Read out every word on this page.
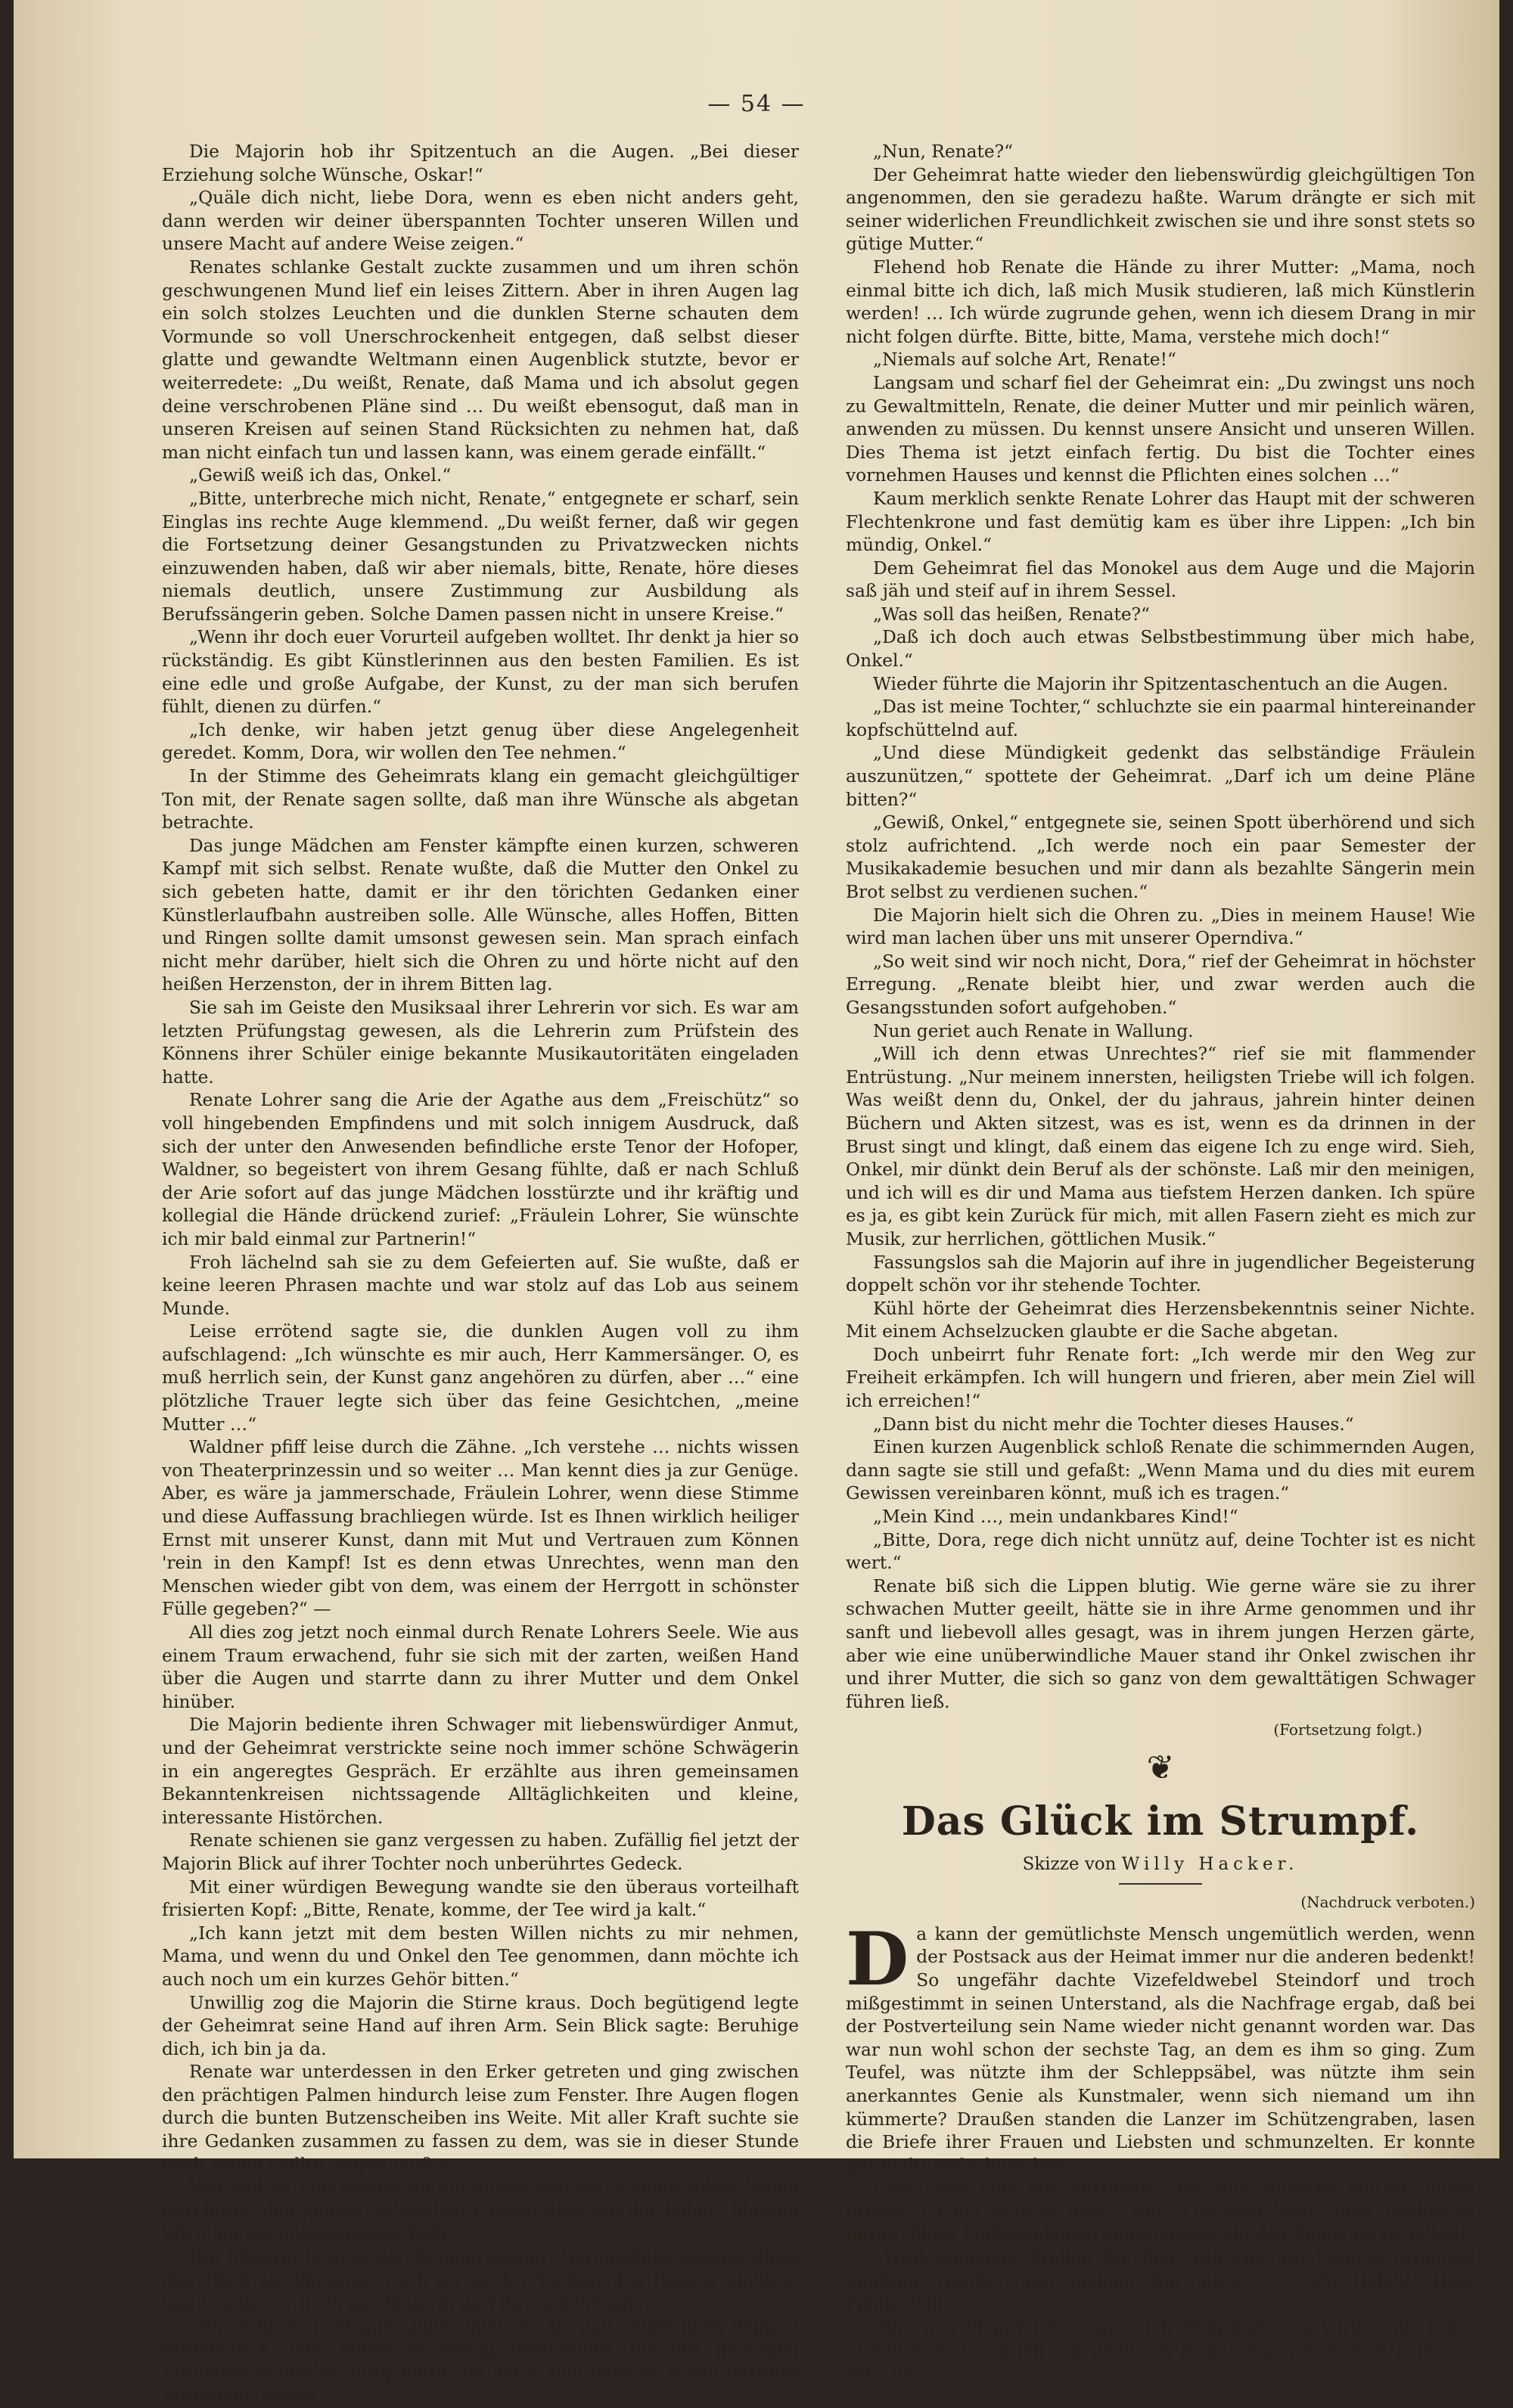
— 54 —

Die Majorin hob ihr Spitzentuch an die Augen. „Bei dieser Erziehung solche Wünsche, Oskar!“

„Quäle dich nicht, liebe Dora, wenn es eben nicht anders geht, dann werden wir deiner überspannten Tochter unseren Willen und unsere Macht auf andere Weise zeigen.“

Renates schlanke Gestalt zuckte zusammen und um ihren schön geschwungenen Mund lief ein leises Zittern. Aber in ihren Augen lag ein solch stolzes Leuchten und die dunklen Sterne schauten dem Vormunde so voll Unerschrockenheit entgegen, daß selbst dieser glatte und gewandte Weltmann einen Augenblick stutzte, bevor er weiterredete: „Du weißt, Renate, daß Mama und ich absolut gegen deine verschrobenen Pläne sind … Du weißt ebensogut, daß man in unseren Kreisen auf seinen Stand Rücksichten zu nehmen hat, daß man nicht einfach tun und lassen kann, was einem gerade einfällt.“

„Gewiß weiß ich das, Onkel.“

„Bitte, unterbreche mich nicht, Renate,“ entgegnete er scharf, sein Einglas ins rechte Auge klemmend. „Du weißt ferner, daß wir gegen die Fortsetzung deiner Gesangstunden zu Privatzwecken nichts einzuwenden haben, daß wir aber niemals, bitte, Renate, höre dieses niemals deutlich, unsere Zustimmung zur Ausbildung als Berufssängerin geben. Solche Damen passen nicht in unsere Kreise.“

„Wenn ihr doch euer Vorurteil aufgeben wolltet. Ihr denkt ja hier so rückständig. Es gibt Künstlerinnen aus den besten Familien. Es ist eine edle und große Aufgabe, der Kunst, zu der man sich berufen fühlt, dienen zu dürfen.“

„Ich denke, wir haben jetzt genug über diese Angelegenheit geredet. Komm, Dora, wir wollen den Tee nehmen.“

In der Stimme des Geheimrats klang ein gemacht gleichgültiger Ton mit, der Renate sagen sollte, daß man ihre Wünsche als abgetan betrachte.

Das junge Mädchen am Fenster kämpfte einen kurzen, schweren Kampf mit sich selbst. Renate wußte, daß die Mutter den Onkel zu sich gebeten hatte, damit er ihr den törichten Gedanken einer Künstlerlaufbahn austreiben solle. Alle Wünsche, alles Hoffen, Bitten und Ringen sollte damit umsonst gewesen sein. Man sprach einfach nicht mehr darüber, hielt sich die Ohren zu und hörte nicht auf den heißen Herzenston, der in ihrem Bitten lag.

Sie sah im Geiste den Musiksaal ihrer Lehrerin vor sich. Es war am letzten Prüfungstag gewesen, als die Lehrerin zum Prüfstein des Könnens ihrer Schüler einige bekannte Musikautoritäten eingeladen hatte.

Renate Lohrer sang die Arie der Agathe aus dem „Freischütz“ so voll hingebenden Empfindens und mit solch innigem Ausdruck, daß sich der unter den Anwesenden befindliche erste Tenor der Hofoper, Waldner, so begeistert von ihrem Gesang fühlte, daß er nach Schluß der Arie sofort auf das junge Mädchen losstürzte und ihr kräftig und kollegial die Hände drückend zurief: „Fräulein Lohrer, Sie wünschte ich mir bald einmal zur Partnerin!“

Froh lächelnd sah sie zu dem Gefeierten auf. Sie wußte, daß er keine leeren Phrasen machte und war stolz auf das Lob aus seinem Munde.

Leise errötend sagte sie, die dunklen Augen voll zu ihm aufschlagend: „Ich wünschte es mir auch, Herr Kammersänger. O, es muß herrlich sein, der Kunst ganz angehören zu dürfen, aber …“ eine plötzliche Trauer legte sich über das feine Gesichtchen, „meine Mutter …“

Waldner pfiff leise durch die Zähne. „Ich verstehe … nichts wissen von Theaterprinzessin und so weiter … Man kennt dies ja zur Genüge. Aber, es wäre ja jammerschade, Fräulein Lohrer, wenn diese Stimme und diese Auffassung brachliegen würde. Ist es Ihnen wirklich heiliger Ernst mit unserer Kunst, dann mit Mut und Vertrauen zum Können 'rein in den Kampf! Ist es denn etwas Unrechtes, wenn man den Menschen wieder gibt von dem, was einem der Herrgott in schönster Fülle gegeben?“ —

All dies zog jetzt noch einmal durch Renate Lohrers Seele. Wie aus einem Traum erwachend, fuhr sie sich mit der zarten, weißen Hand über die Augen und starrte dann zu ihrer Mutter und dem Onkel hinüber.

Die Majorin bediente ihren Schwager mit liebenswürdiger Anmut, und der Geheimrat verstrickte seine noch immer schöne Schwägerin in ein angeregtes Gespräch. Er erzählte aus ihren gemeinsamen Bekanntenkreisen nichtssagende Alltäglichkeiten und kleine, interessante Histörchen.

Renate schienen sie ganz vergessen zu haben. Zufällig fiel jetzt der Majorin Blick auf ihrer Tochter noch unberührtes Gedeck.

Mit einer würdigen Bewegung wandte sie den überaus vorteilhaft frisierten Kopf: „Bitte, Renate, komme, der Tee wird ja kalt.“

„Ich kann jetzt mit dem besten Willen nichts zu mir nehmen, Mama, und wenn du und Onkel den Tee genommen, dann möchte ich auch noch um ein kurzes Gehör bitten.“

Unwillig zog die Majorin die Stirne kraus. Doch begütigend legte der Geheimrat seine Hand auf ihren Arm. Sein Blick sagte: Beruhige dich, ich bin ja da.

Renate war unterdessen in den Erker getreten und ging zwischen den prächtigen Palmen hindurch leise zum Fenster. Ihre Augen flogen durch die bunten Butzenscheiben ins Weite. Mit aller Kraft suchte sie ihre Gedanken zusammen zu fassen zu dem, was sie in dieser Stunde noch sagen wollte, sagen mußte.

Von Zeit zu Zeit schloß sie die Augen und ein schmerzvolles Leben durchrann den jungen, schlanken Körper. Aber auf der hohen, blassen Stirn lag ein unbeugsamer Wille.

Die Majorin läutete der Zimmerjungfer. Geräuschlos räumte diese den Tisch ab. Verstohlen sah sie zu der Tochter des Hauses hinüber, und von dieser nach der Majorin und ihrem Schwager.

„Da steht es nicht gut,“ philosophierte sie und empfand es doppelt schmerzlich, daß Marie so wenig Verständnis für des gnädigen Fräuleins Wünsche übrig hatte. Es hätte sich jetzt so schön darüber schwatzen lassen.

„Nun, Renate?“

Der Geheimrat hatte wieder den liebenswürdig gleichgültigen Ton angenommen, den sie geradezu haßte. Warum drängte er sich mit seiner widerlichen Freundlichkeit zwischen sie und ihre sonst stets so gütige Mutter.“

Flehend hob Renate die Hände zu ihrer Mutter: „Mama, noch einmal bitte ich dich, laß mich Musik studieren, laß mich Künstlerin werden! … Ich würde zugrunde gehen, wenn ich diesem Drang in mir nicht folgen dürfte. Bitte, bitte, Mama, verstehe mich doch!“

„Niemals auf solche Art, Renate!“

Langsam und scharf fiel der Geheimrat ein: „Du zwingst uns noch zu Gewaltmitteln, Renate, die deiner Mutter und mir peinlich wären, anwenden zu müssen. Du kennst unsere Ansicht und unseren Willen. Dies Thema ist jetzt einfach fertig. Du bist die Tochter eines vornehmen Hauses und kennst die Pflichten eines solchen …“

Kaum merklich senkte Renate Lohrer das Haupt mit der schweren Flechtenkrone und fast demütig kam es über ihre Lippen: „Ich bin mündig, Onkel.“

Dem Geheimrat fiel das Monokel aus dem Auge und die Majorin saß jäh und steif auf in ihrem Sessel.

„Was soll das heißen, Renate?“

„Daß ich doch auch etwas Selbstbestimmung über mich habe, Onkel.“

Wieder führte die Majorin ihr Spitzentaschentuch an die Augen.

„Das ist meine Tochter,“ schluchzte sie ein paarmal hintereinander kopfschüttelnd auf.

„Und diese Mündigkeit gedenkt das selbständige Fräulein auszunützen,“ spottete der Geheimrat. „Darf ich um deine Pläne bitten?“

„Gewiß, Onkel,“ entgegnete sie, seinen Spott überhörend und sich stolz aufrichtend. „Ich werde noch ein paar Semester der Musikakademie besuchen und mir dann als bezahlte Sängerin mein Brot selbst zu verdienen suchen.“

Die Majorin hielt sich die Ohren zu. „Dies in meinem Hause! Wie wird man lachen über uns mit unserer Operndiva.“

„So weit sind wir noch nicht, Dora,“ rief der Geheimrat in höchster Erregung. „Renate bleibt hier, und zwar werden auch die Gesangsstunden sofort aufgehoben.“

Nun geriet auch Renate in Wallung.

„Will ich denn etwas Unrechtes?“ rief sie mit flammender Entrüstung. „Nur meinem innersten, heiligsten Triebe will ich folgen. Was weißt denn du, Onkel, der du jahraus, jahrein hinter deinen Büchern und Akten sitzest, was es ist, wenn es da drinnen in der Brust singt und klingt, daß einem das eigene Ich zu enge wird. Sieh, Onkel, mir dünkt dein Beruf als der schönste. Laß mir den meinigen, und ich will es dir und Mama aus tiefstem Herzen danken. Ich spüre es ja, es gibt kein Zurück für mich, mit allen Fasern zieht es mich zur Musik, zur herrlichen, göttlichen Musik.“

Fassungslos sah die Majorin auf ihre in jugendlicher Begeisterung doppelt schön vor ihr stehende Tochter.

Kühl hörte der Geheimrat dies Herzensbekenntnis seiner Nichte. Mit einem Achselzucken glaubte er die Sache abgetan.

Doch unbeirrt fuhr Renate fort: „Ich werde mir den Weg zur Freiheit erkämpfen. Ich will hungern und frieren, aber mein Ziel will ich erreichen!“

„Dann bist du nicht mehr die Tochter dieses Hauses.“

Einen kurzen Augenblick schloß Renate die schimmernden Augen, dann sagte sie still und gefaßt: „Wenn Mama und du dies mit eurem Gewissen vereinbaren könnt, muß ich es tragen.“

„Mein Kind …, mein undankbares Kind!“

„Bitte, Dora, rege dich nicht unnütz auf, deine Tochter ist es nicht wert.“

Renate biß sich die Lippen blutig. Wie gerne wäre sie zu ihrer schwachen Mutter geeilt, hätte sie in ihre Arme genommen und ihr sanft und liebevoll alles gesagt, was in ihrem jungen Herzen gärte, aber wie eine unüberwindliche Mauer stand ihr Onkel zwischen ihr und ihrer Mutter, die sich so ganz von dem gewalttätigen Schwager führen ließ.

(Fortsetzung folgt.)
❦
Das Glück im Strumpf.
Skizze von Willy Hacker.
(Nachdruck verboten.)

Da kann der gemütlichste Mensch ungemütlich werden, wenn der Postsack aus der Heimat immer nur die anderen bedenkt! So ungefähr dachte Vizefeldwebel Steindorf und troch mißgestimmt in seinen Unterstand, als die Nachfrage ergab, daß bei der Postverteilung sein Name wieder nicht genannt worden war. Das war nun wohl schon der sechste Tag, an dem es ihm so ging. Zum Teufel, was nützte ihm der Schleppsäbel, was nützte ihm sein anerkanntes Genie als Kunstmaler, wenn sich niemand um ihn kümmerte? Draußen standen die Lanzer im Schützengraben, lasen die Briefe ihrer Frauen und Liebsten und schmunzelten. Er konnte gar nicht mehr hinsehen.

Sein Groll war fast verraucht, als sein Bursche eintrat, einen großen Karton unterm Arm. „Herr Leutnant läßt Herrn Feldwebel bitten, diese Liebesgabenstrümpfe innerhalb des Zuges zu verteilen!“ — „Wird gemacht. Stellen Sie fest, wie viel pro Gruppe dringend benötigt werden und melden Sie mir's.“ — „Zu Befehl, Herr Feldwebel!“

„Na, das klappt ja!“ sagte sich Steindorf, „es wird wohl keine Sünde sein, wenn ich mir auch ein Paar nehme, brauchen kann ich sie.“ Er
